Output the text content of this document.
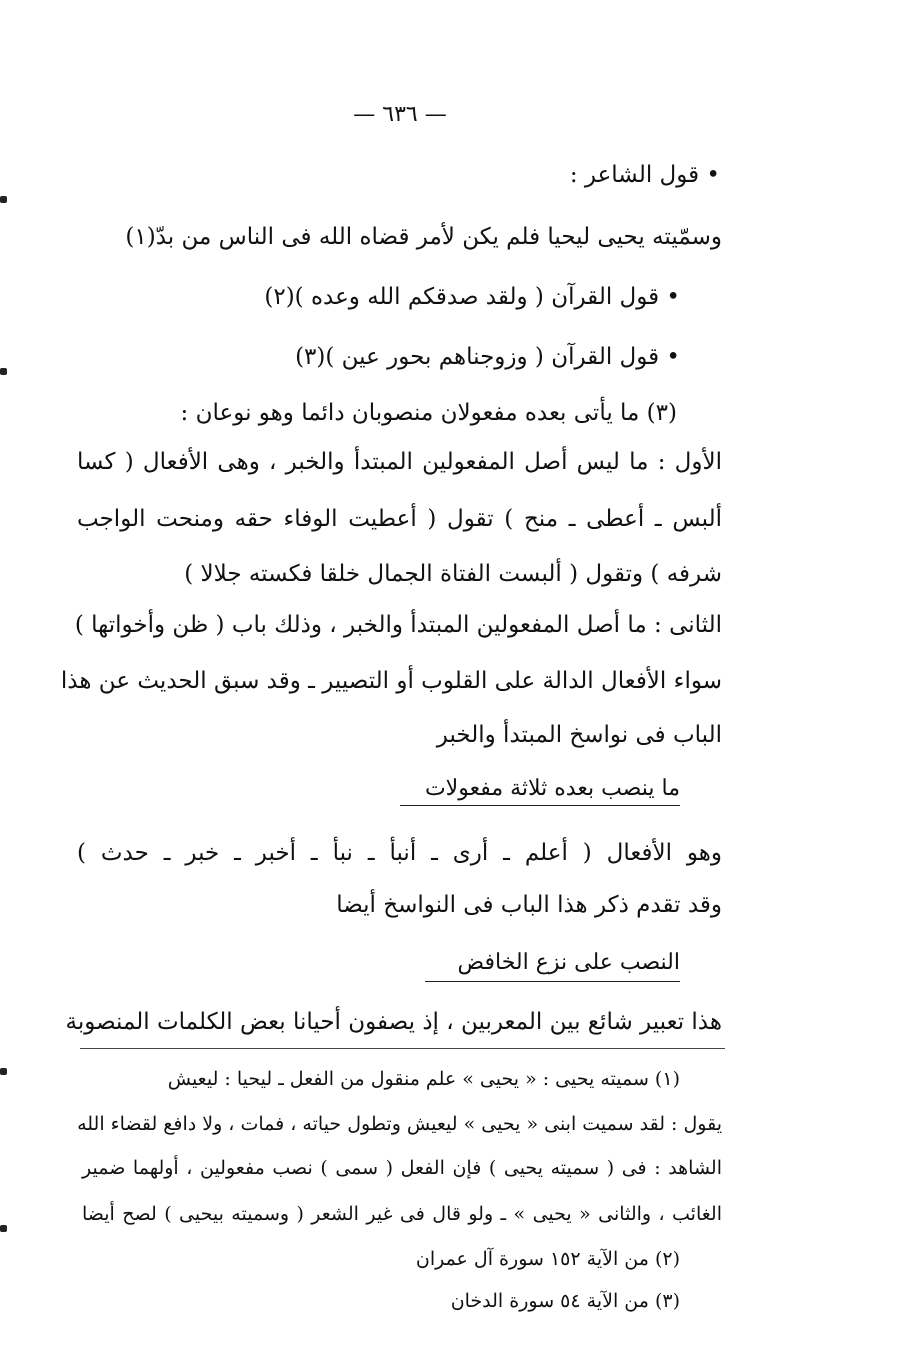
— ٦٣٦ —
• قول الشاعر :
وسمّيته يحيى ليحيا فلم يكن لأمر قضاه الله فى الناس من بدّ(١)
• قول القرآن ( ولقد صدقكم الله وعده )(٢)
• قول القرآن ( وزوجناهم بحور عين )(٣)
(٣) ما يأتى بعده مفعولان منصوبان دائما وهو نوعان :
الأول : ما ليس أصل المفعولين المبتدأ والخبر ، وهى الأفعال ( كسا
ألبس ـ أعطى ـ منح ) تقول ( أعطيت الوفاء حقه ومنحت الواجب
شرفه ) وتقول ( ألبست الفتاة الجمال خلقا فكسته جلالا )
الثانى : ما أصل المفعولين المبتدأ والخبر ، وذلك باب ( ظن وأخواتها )
سواء الأفعال الدالة على القلوب أو التصيير ـ وقد سبق الحديث عن هذا
الباب فى نواسخ المبتدأ والخبر
ما ينصب بعده ثلاثة مفعولات
وهو الأفعال ( أعلم ـ أرى ـ أنبأ ـ نبأ ـ أخبر ـ خبر ـ حدث )
وقد تقدم ذكر هذا الباب فى النواسخ أيضا
النصب على نزع الخافض
هذا تعبير شائع بين المعربين ، إذ يصفون أحيانا بعض الكلمات المنصوبة
(١) سميته يحيى : « يحيى » علم منقول من الفعل ـ ليحيا : ليعيش
يقول : لقد سميت ابنى « يحيى » ليعيش وتطول حياته ، فمات ، ولا دافع لقضاء الله
الشاهد : فى ( سميته يحيى ) فإن الفعل ( سمى ) نصب مفعولين ، أولهما ضمير
الغائب ، والثانى « يحيى » ـ ولو قال فى غير الشعر ( وسميته بيحيى ) لصح أيضا
(٢) من الآية ١٥٢ سورة آل عمران
(٣) من الآية ٥٤ سورة الدخان
